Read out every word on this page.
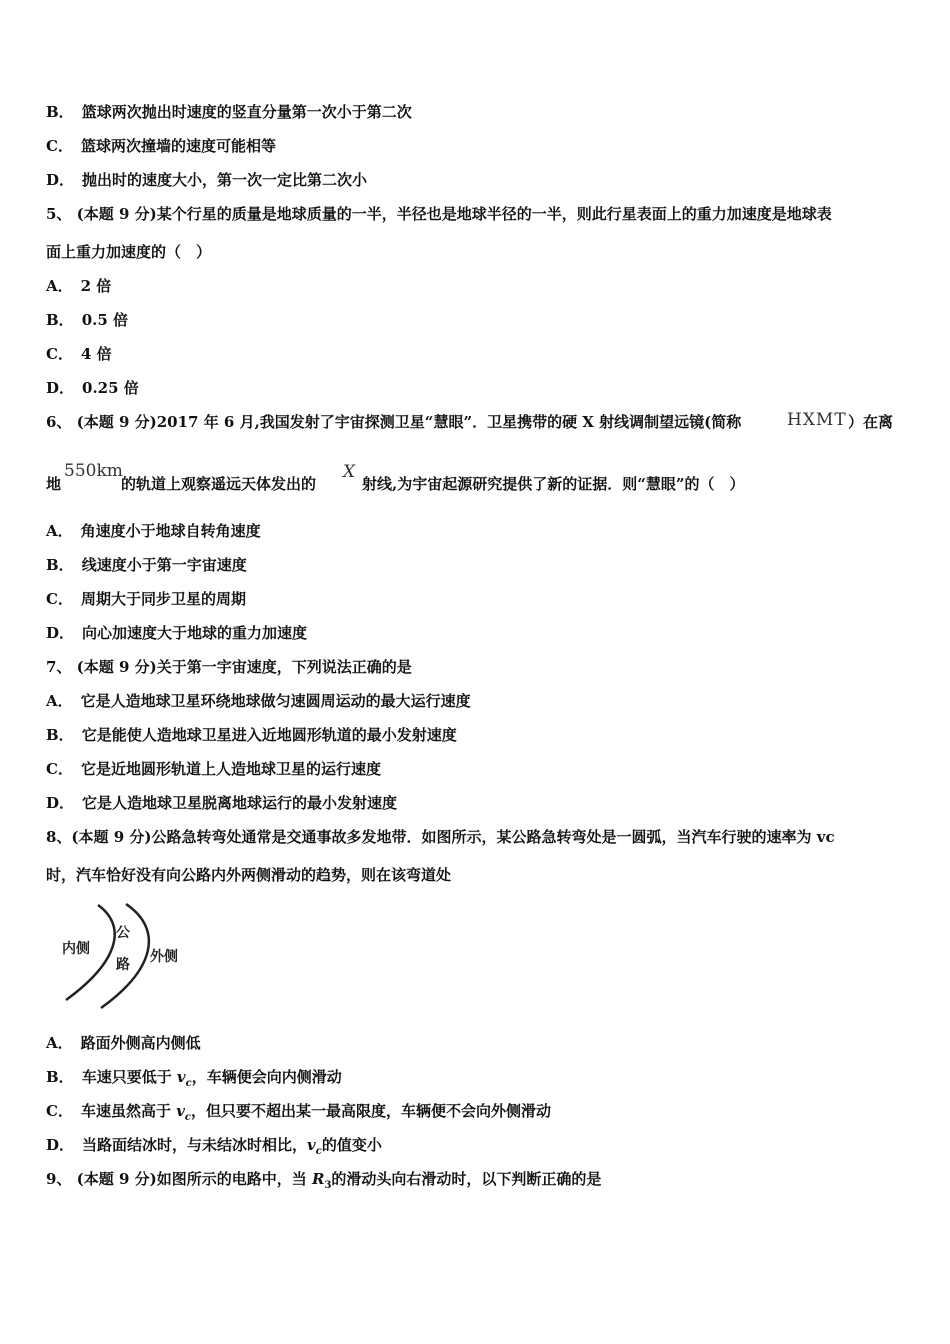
B． 篮球两次抛出时速度的竖直分量第一次小于第二次
C． 篮球两次撞墙的速度可能相等
D． 抛出时的速度大小，第一次一定比第二次小
5、 (本题 9 分)某个行星的质量是地球质量的一半，半径也是地球半径的一半，则此行星表面上的重力加速度是地球表
面上重力加速度的（　）
A． 2 倍
B． 0.5 倍
C． 4 倍
D． 0.25 倍
6、 (本题 9 分)2017 年 6 月,我国发射了宇宙探测卫星“慧眼”．卫星携带的硬 X 射线调制望远镜(简称	HXMT ）在离
地
550km
的轨道上观察遥远天体发出的
X
射线,为宇宙起源研究提供了新的证据．则“慧眼”的（　）
A． 角速度小于地球自转角速度
B． 线速度小于第一宇宙速度
C． 周期大于同步卫星的周期
D． 向心加速度大于地球的重力加速度
7、 (本题 9 分)关于第一宇宙速度，下列说法正确的是
A． 它是人造地球卫星环绕地球做匀速圆周运动的最大运行速度
B． 它是能使人造地球卫星进入近地圆形轨道的最小发射速度
C． 它是近地圆形轨道上人造地球卫星的运行速度
D． 它是人造地球卫星脱离地球运行的最小发射速度
8、(本题 9 分)公路急转弯处通常是交通事故多发地带．如图所示，某公路急转弯处是一圆弧，当汽车行驶的速率为 vc
时，汽车恰好没有向公路内外两侧滑动的趋势，则在该弯道处
内侧
公
路 外侧
A． 路面外侧高内侧低
B． 车速只要低于 $v_c$，车辆便会向内侧滑动
C． 车速虽然高于 $v_c$，但只要不超出某一最高限度，车辆便不会向外侧滑动
D． 当路面结冰时，与未结冰时相比，$v_c$的值变小
9、 (本题 9 分)如图所示的电路中，当 $R_3$的滑动头向右滑动时，以下判断正确的是
